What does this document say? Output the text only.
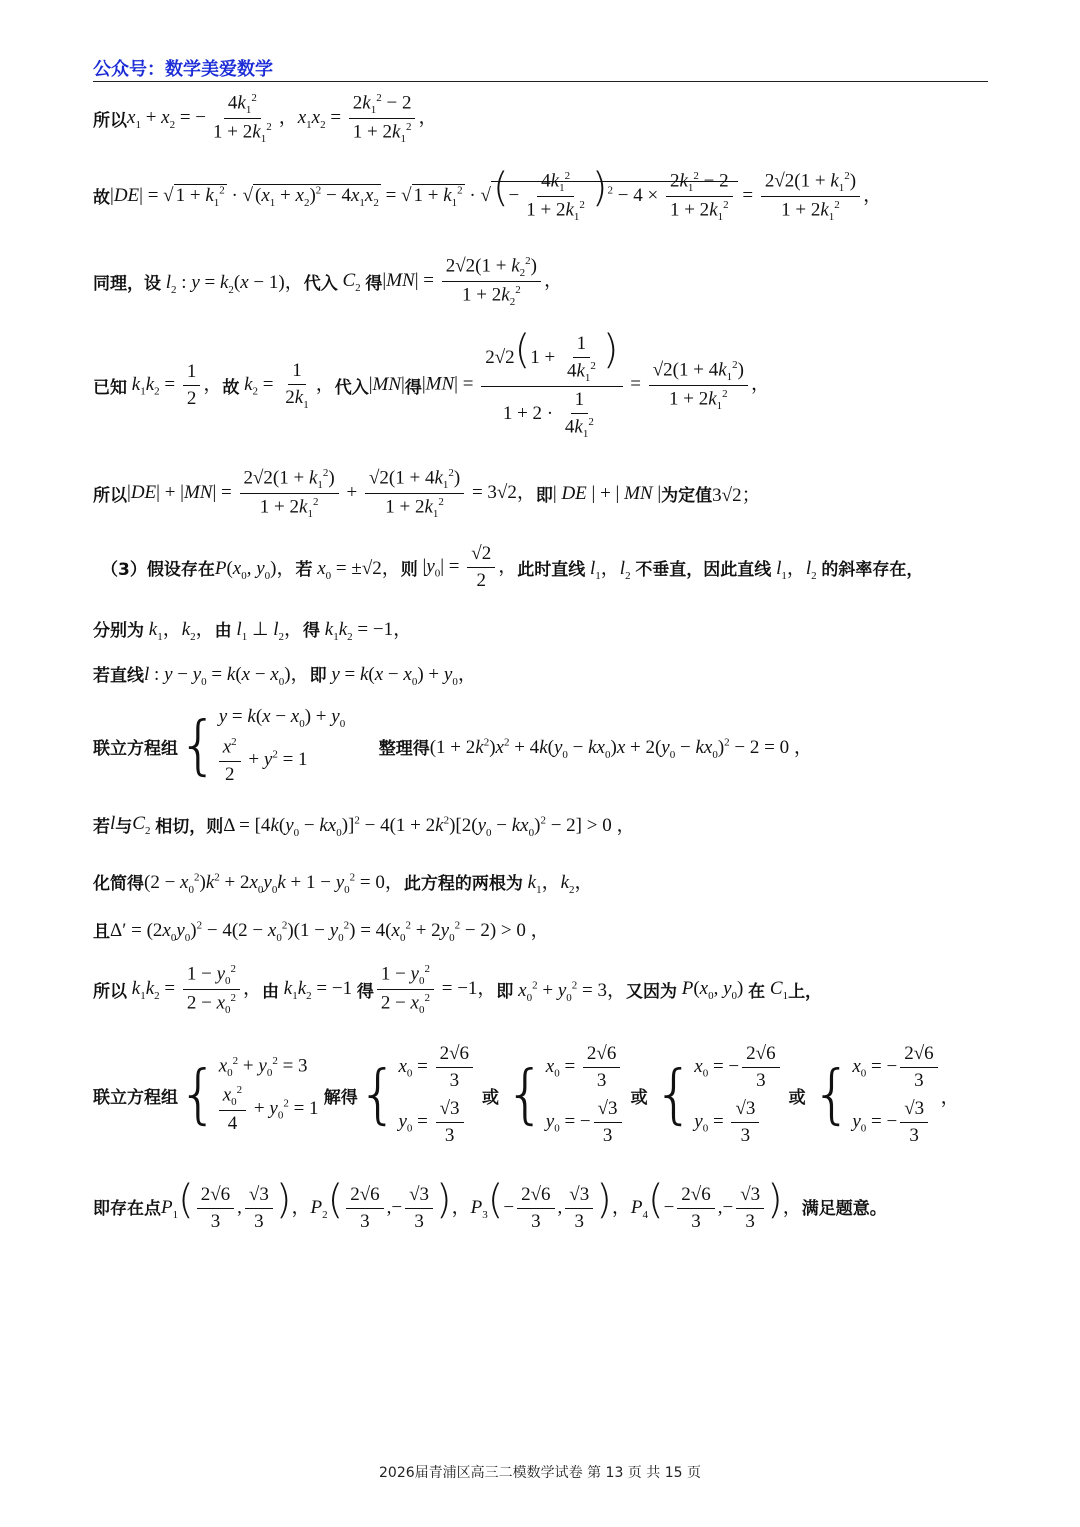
公众号：数学美爱数学
所以 $x_1 + x_2$ = − $\frac{4k_1^2}{1 + 2k_1^2}$ ，$x_1x_2 = \frac{2k_1^2 - 2}{1 + 2k_1^2}$ ，
故 |DE| = √ $1 + k_1^2$ · √ $(x_1 + x_2)^2 - 4x_1x_2$ = √ $1 + k_1^2$ · √(− $\frac{4k_1^2}{1 + 2k_1^2} )^2 - 4 \times \frac{2k_1^2 - 2}{1 + 2k_1^2} = \frac{2√2(1 + k_1^2)}{1 + 2k_1^2}$ ，
同理，设 $l_2$ : $y = k_2(x - 1)$， 代入 $C_2$ 得 $|MN| = \frac{2√2(1 + k_2^2)}{1 + 2k_2^2}$ ，
已知 $k_1k_2 = \frac{1}{2}$ ， 故 $k_2 = \frac{1}{2k_1}$ ， 代入 |MN| 得 $|MN| = \frac{2√2(1 + \frac{1}{4k_1^2} )}{1 + 2 \cdot \frac{1}{4k_1^2}} = \frac{√2(1 + 4k_1^2)}{1 + 2k_1^2}$ ，
所以 $|DE| + |MN| = \frac{2√2(1 + k_1^2)}{1 + 2k_1^2} + \frac{√2(1 + 4k_1^2)}{1 + 2k_1^2} = 3√2$， 即 | DE | + | MN | 为定值 3√2；
（3）假设存在 $P(x_0$, $y_0$)， 若 $x_0 = \pm√2$， 则 $|y_0| = \frac{√2}{2}$ ， 此时直线 $l_1$，$l_2$ 不垂直，因此直线 $l_1$，$l_2$ 的斜率存在，
分别为 $k_1$，$k_2$， 由 $l_1$ ⊥ $l_2$， 得 $k_1k_2 = -1$，
若直线 l : $y - y_0 = k(x - x_0)$， 即 $y = k(x - x_0) + y_0$，
联立方程组 { $y = k(x - x_0) + y_0$
$\frac{x^2}{2} + y^2 = 1$
整理得 $(1 + 2k^2)x^2 + 4k(y_0 - kx_0)x + 2(y_0 - kx_0)^2 - 2 = 0$ ，
若 l 与 $C_2$ 相切，则 $\Delta = [4k(y_0 - kx_0)]^2 - 4(1 + 2k^2)[2(y_0 - kx_0)^2 - 2] > 0$ ，
化简得 $(2 - x_0^2)k^2 + 2x_0y_0k + 1 - y_0^2 = 0$， 此方程的两根为 $k_1$，$k_2$，
且 $\Delta' = (2x_0y_0)^2 - 4(2 - x_0^2)(1 - y_0^2) = 4(x_0^2 + 2y_0^2 - 2) > 0$ ，
所以 $k_1k_2 = \frac{1 - y_0^2}{2 - x_0^2}$ ， 由 $k_1k_2 = -1$ 得 $\frac{1 - y_0^2}{2 - x_0^2} = -1$， 即 $x_0^2 + y_0^2 = 3$， 又因为 $P(x_0$, $y_0$) 在 $C_1$ 上，
联立方程组 { $x_0^2 + y_0^2 = 3$
$\frac{x_0^2}{4} + y_0^2 = 1$
解得 { $x_0 = \frac{2√6}{3}$
$y_0 = \frac{√3}{3}$
或 { $x_0 = \frac{2√6}{3}$
$y_0$ = − $\frac{√3}{3}$
或 { $x_0$ = − $\frac{2√6}{3}$
$y_0 = \frac{√3}{3}$
或 { $x_0$ = − $\frac{2√6}{3}$
$y_0$ = − $\frac{√3}{3}$
，
即存在点 $P_1( \frac{2√6}{3}$ , $\frac{√3}{3}$ )，$P_2( \frac{2√6}{3}$ ,− $\frac{√3}{3}$ )，$P_3(- \frac{2√6}{3}$ , $\frac{√3}{3}$ )，$P_4(- \frac{2√6}{3}$ ,− $\frac{√3}{3}$ )， 满足题意。
2026届青浦区高三二模数学试卷 第 13 页 共 15 页
